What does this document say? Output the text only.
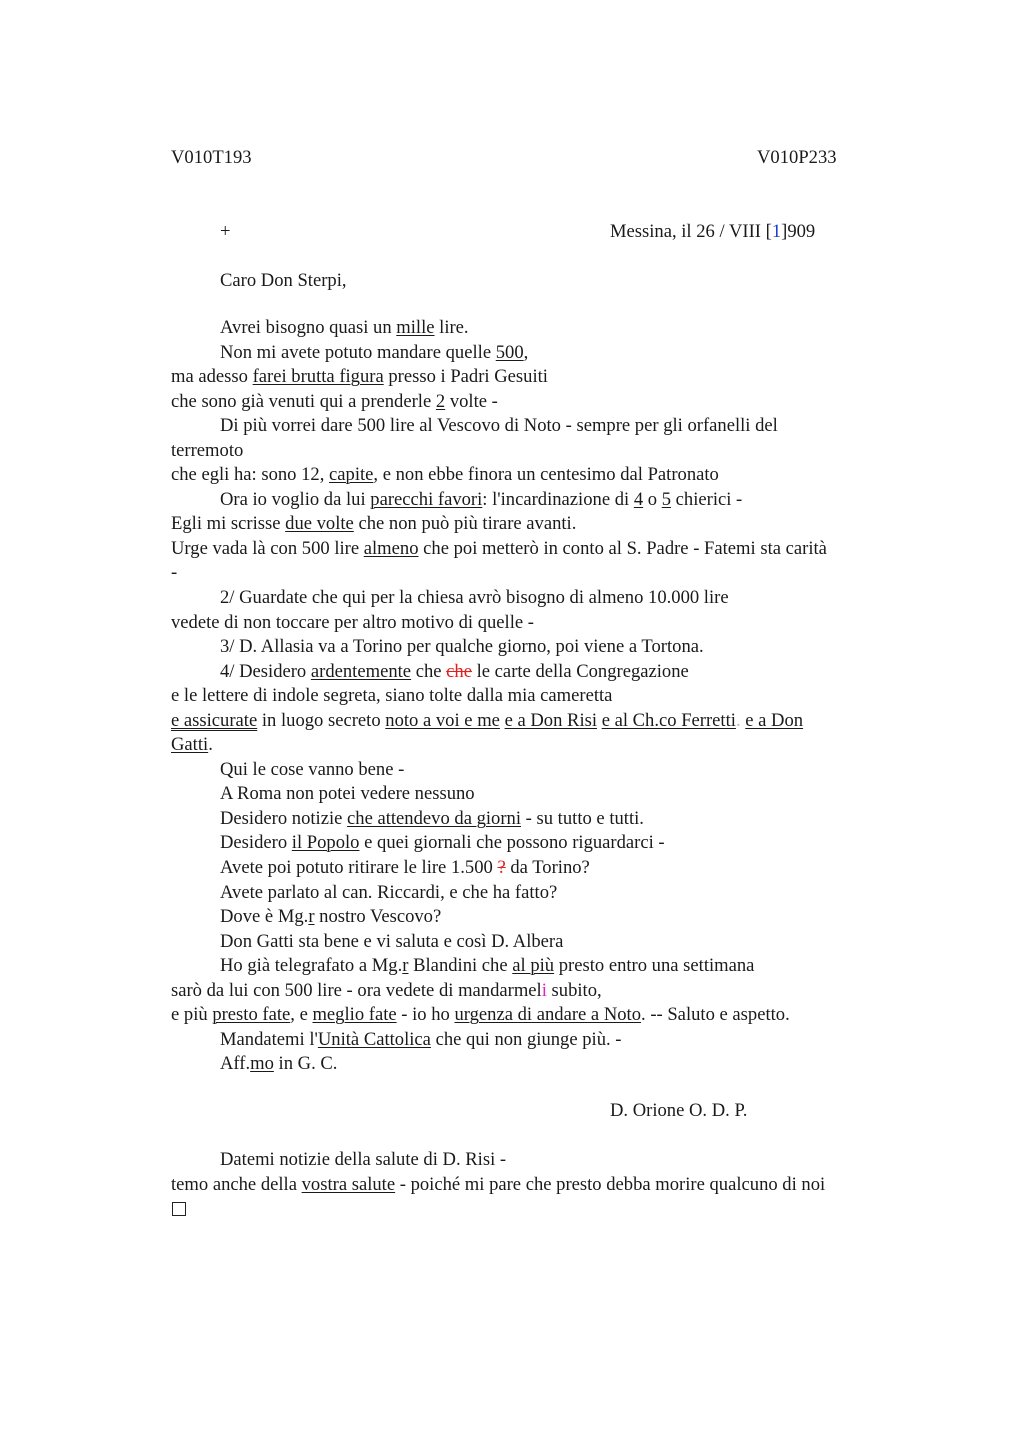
V010T193	V010P233
+	Messina, il 26 / VIII [1]909
Caro Don Sterpi,
Avrei bisogno quasi un mille lire.
Non mi avete potuto mandare quelle 500,
ma adesso farei brutta figura presso i Padri Gesuiti
che sono già venuti qui a prenderle 2 volte -
Di più vorrei dare 500 lire al Vescovo di Noto - sempre per gli orfanelli del
terremoto
che egli ha: sono 12, capite, e non ebbe finora un centesimo dal Patronato
Ora io voglio da lui parecchi favori: l'incardinazione di 4 o 5 chierici -
Egli mi scrisse due volte che non può più tirare avanti.
Urge vada là con 500 lire almeno che poi metterò in conto al S. Padre - Fatemi sta carità
-
2/ Guardate che qui per la chiesa avrò bisogno di almeno 10.000 lire
vedete di non toccare per altro motivo di quelle -
3/ D. Allasia va a Torino per qualche giorno, poi viene a Tortona.
4/ Desidero ardentemente che che le carte della Congregazione
e le lettere di indole segreta, siano tolte dalla mia cameretta
e assicurate in luogo secreto noto a voi e me e a Don Risi e al Ch.co Ferretti. e a Don
Gatti.
Qui le cose vanno bene -
A Roma non potei vedere nessuno
Desidero notizie che attendevo da giorni - su tutto e tutti.
Desidero il Popolo e quei giornali che possono riguardarci -
Avete poi potuto ritirare le lire 1.500 ? da Torino?
Avete parlato al can. Riccardi, e che ha fatto?
Dove è Mg.r nostro Vescovo?
Don Gatti sta bene e vi saluta e così D. Albera
Ho già telegrafato a Mg.r Blandini che al più presto entro una settimana
sarò da lui con 500 lire - ora vedete di mandarmeli subito,
e più presto fate, e meglio fate - io ho urgenza di andare a Noto. -- Saluto e aspetto.
Mandatemi l'Unità Cattolica che qui non giunge più. -
Aff.mo in G. C.
D. Orione O. D. P.
Datemi notizie della salute di D. Risi -
temo anche della vostra salute - poiché mi pare che presto debba morire qualcuno di noi
